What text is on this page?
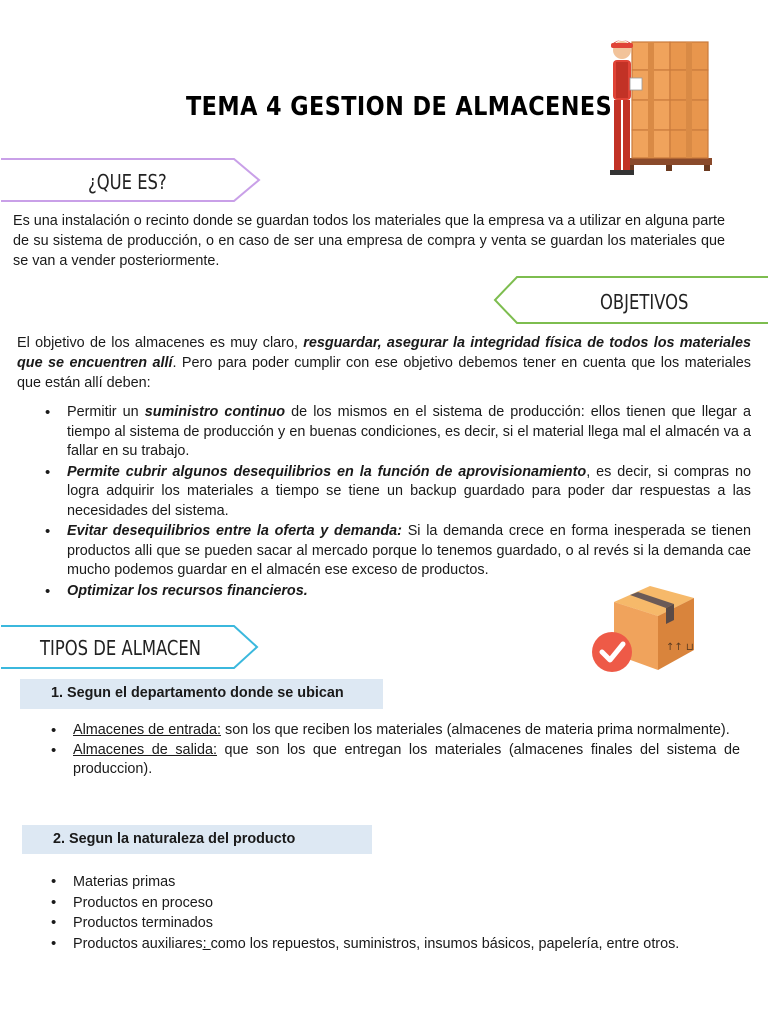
TEMA 4 GESTION DE ALMACENES
¿QUE ES?
Es una instalación o recinto donde se guardan todos los materiales que la empresa va a utilizar en alguna parte de su sistema de producción, o en caso de ser una empresa de compra y venta se guardan los materiales que se van a vender posteriormente.
OBJETIVOS
El objetivo de los almacenes es muy claro, resguardar, asegurar la integridad física de todos los materiales que se encuentren allí. Pero para poder cumplir con ese objetivo debemos tener en cuenta que los materiales que están allí deben:
• Permitir un suministro continuo de los mismos en el sistema de producción: ellos tienen que llegar a tiempo al sistema de producción y en buenas condiciones, es decir, si el material llega mal el almacén va a fallar en su trabajo.
• Permite cubrir algunos desequilibrios en la función de aprovisionamiento, es decir, si compras no logra adquirir los materiales a tiempo se tiene un backup guardado para poder dar respuestas a las necesidades del sistema.
• Evitar desequilibrios entre la oferta y demanda: Si la demanda crece en forma inesperada se tienen productos alli que se pueden sacar al mercado porque lo tenemos guardado, o al revés si la demanda cae mucho podemos guardar en el almacén ese exceso de productos.
• Optimizar los recursos financieros.
TIPOS DE ALMACEN	↑↑ ⊔
1. Segun el departamento donde se ubican
• Almacenes de entrada: son los que reciben los materiales (almacenes de materia prima normalmente).
• Almacenes de salida: que son los que entregan los materiales (almacenes finales del sistema de produccion).
2. Segun la naturaleza del producto
• Materias primas
• Productos en proceso
• Productos terminados
• Productos auxiliares: como los repuestos, suministros, insumos básicos, papelería, entre otros.
